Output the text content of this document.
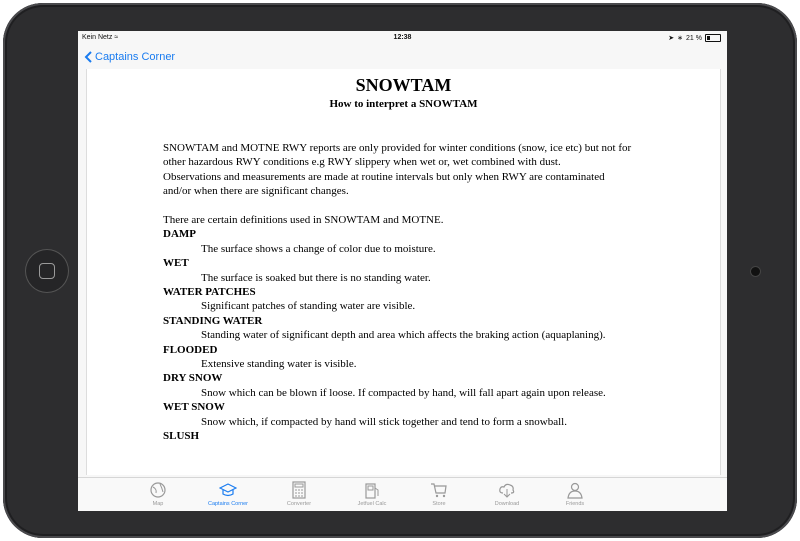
Kein Netz ≈	12:38	➤ ∗ 21 %
Captains Corner
SNOWTAM
How to interpret a SNOWTAM
SNOWTAM and MOTNE RWY reports are only provided for winter conditions (snow, ice etc) but not for other hazardous RWY conditions e.g RWY slippery when wet or, wet combined with dust.
Observations and measurements are made at routine intervals but only when RWY are contaminated and/or when there are significant changes.
There are certain definitions used in SNOWTAM and MOTNE.
DAMP
The surface shows a change of color due to moisture.
WET
The surface is soaked but there is no standing water.
WATER PATCHES
Significant patches of standing water are visible.
STANDING WATER
Standing water of significant depth and area which affects the braking action (aquaplaning).
FLOODED
Extensive standing water is visible.
DRY SNOW
Snow which can be blown if loose. If compacted by hand, will fall apart again upon release.
WET SNOW
Snow which, if compacted by hand will stick together and tend to form a snowball.
SLUSH
Map	Captains Corner	Converter	Jetfuel Calc	Store	Download	Friends
